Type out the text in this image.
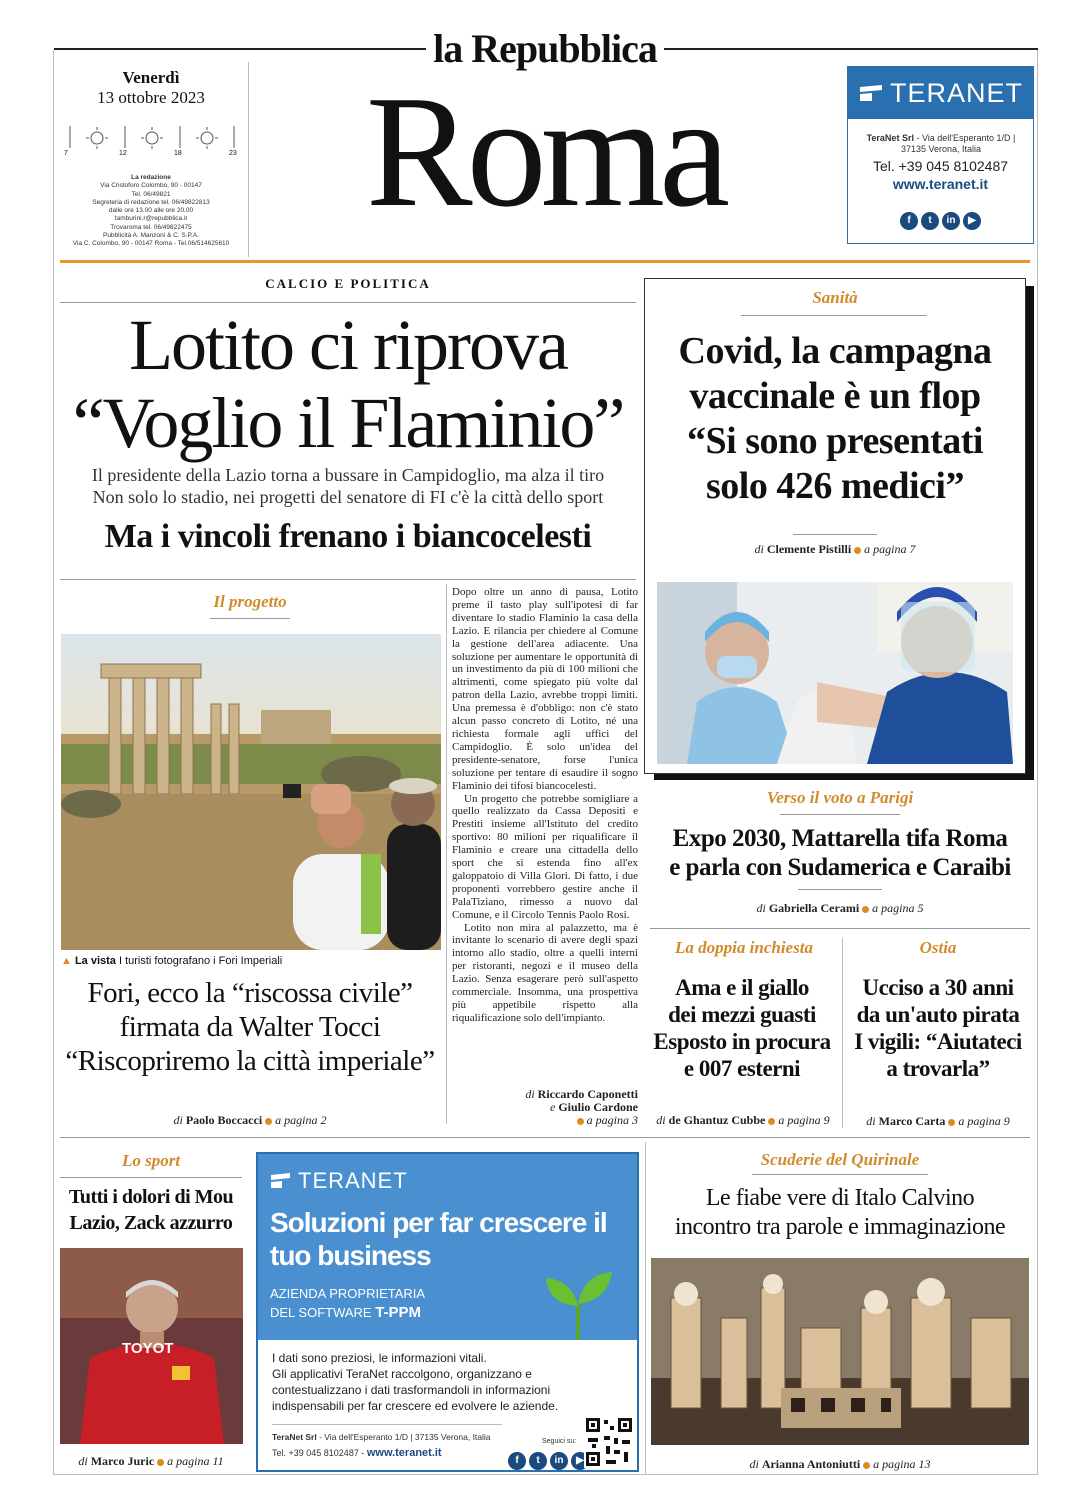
la Repubblica
Venerdì
13 ottobre 2023
7	12	18	23
La redazione
Via Cristoforo Colombo, 90 - 00147
Tel. 06/49821
Segreteria di redazione tel. 06/49822813
dalle ore 13.00 alle ore 20.00
tamburini.r@repubblica.it
Trovaroma tel. 06/49822475
Pubblicità A. Manzoni & C. S.P.A.
Via C. Colombo, 90 - 00147 Roma - Tel.06/514625610
Roma	TERANET
TeraNet Srl - Via dell'Esperanto 1/D | 37135 Verona, Italia
Tel. +39 045 8102487
www.teranet.it
f	t	in	▶
CALCIO E POLITICA
Lotito ci riprova
“Voglio il Flaminio”
Il presidente della Lazio torna a bussare in Campidoglio, ma alza il tiro
Non solo lo stadio, nei progetti del senatore di FI c'è la città dello sport
Ma i vincoli frenano i biancocelesti
Il progetto
▲ La vista I turisti fotografano i Fori Imperiali
Fori, ecco la “riscossa civile”
firmata da Walter Tocci
“Riscopriremo la città imperiale”
di Paolo Boccacci a pagina 2

Dopo oltre un anno di pausa, Lotito preme il tasto play sull'ipotesi di far diventare lo stadio Flaminio la casa della Lazio. E rilancia per chiedere al Comune la gestione dell'area adiacente. Una soluzione per aumentare le opportunità di un investimento da più di 100 milioni che altrimenti, come spiegato più volte dal patron della Lazio, avrebbe troppi limiti. Una premessa è d'obbligo: non c'è stato alcun passo concreto di Lotito, né una richiesta formale agli uffici del Campidoglio. È solo un'idea del presidente-senatore, forse l'unica soluzione per tentare di esaudire il sogno Flaminio dei tifosi biancocelesti.

Un progetto che potrebbe somigliare a quello realizzato da Cassa Depositi e Prestiti insieme all'Istituto del credito sportivo: 80 milioni per riqualificare il Flaminio e creare una cittadella dello sport che si estenda fino all'ex galoppatoio di Villa Glori. Di fatto, i due proponenti vorrebbero gestire anche il PalaTiziano, rimesso a nuovo dal Comune, e il Circolo Tennis Paolo Rosi.

Lotito non mira al palazzetto, ma è invitante lo scenario di avere degli spazi intorno allo stadio, oltre a quelli interni per ristoranti, negozi e il museo della Lazio. Senza esagerare però sull'aspetto commerciale. Insomma, una prospettiva più appetibile rispetto alla riqualificazione solo dell'impianto.

di Riccardo Caponetti
e Giulio Cardone
a pagina 3
Sanità
Covid, la campagna
vaccinale è un flop
“Si sono presentati
solo 426 medici”
di Clemente Pistilli a pagina 7
Verso il voto a Parigi
Expo 2030, Mattarella tifa Roma
e parla con Sudamerica e Caraibi
di Gabriella Cerami a pagina 5
La doppia inchiesta
Ama e il giallo
dei mezzi guasti
Esposto in procura
e 007 esterni
di de Ghantuz Cubbe a pagina 9
Ostia
Ucciso a 30 anni
da un'auto pirata
I vigili: “Aiutateci
a trovarla”
di Marco Carta a pagina 9
Lo sport
Tutti i dolori di Mou
Lazio, Zack azzurro
TOYOT
di Marco Juric a pagina 11
TERANET
Soluzioni per far crescere il tuo business
AZIENDA PROPRIETARIA
DEL SOFTWARE T-PPM
I dati sono preziosi, le informazioni vitali.
Gli applicativi TeraNet raccolgono, organizzano e contestualizzano i dati trasformandoli in informazioni indispensabili per far crescere ed evolvere le aziende.
TeraNet Srl - Via dell'Esperanto 1/D | 37135 Verona, Italia
Tel. +39 045 8102487 - www.teranet.it
Seguici su:
f	t	in	▶
Scuderie del Quirinale
Le fiabe vere di Italo Calvino
incontro tra parole e immaginazione
di Arianna Antoniutti a pagina 13
